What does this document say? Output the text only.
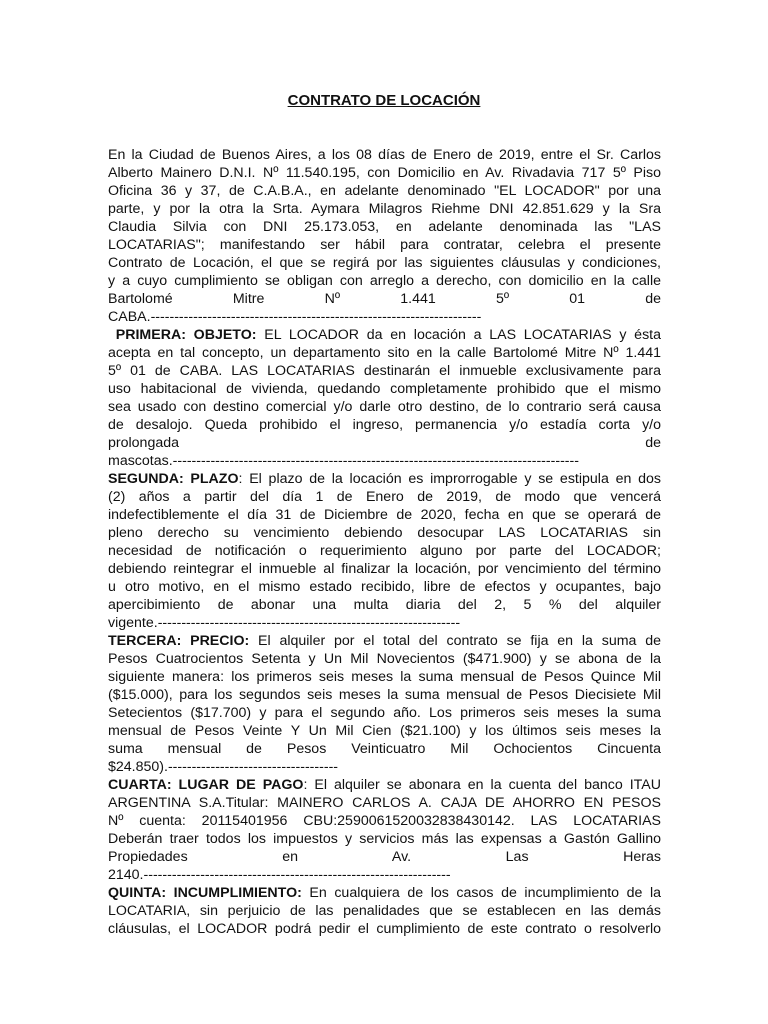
CONTRATO DE LOCACIÓN
En la Ciudad de Buenos Aires, a los 08 días de Enero de 2019, entre el Sr. Carlos
Alberto Mainero D.N.I. Nº 11.540.195, con Domicilio en Av. Rivadavia 717 5º Piso
Oficina 36 y 37, de C.A.B.A., en adelante denominado "EL LOCADOR" por una
parte, y por la otra la Srta. Aymara Milagros Riehme DNI 42.851.629 y la Sra
Claudia Silvia con DNI 25.173.053, en adelante denominada las "LAS
LOCATARIAS"; manifestando ser hábil para contratar, celebra el presente
Contrato de Locación, el que se regirá por las siguientes cláusulas y condiciones,
y a cuyo cumplimiento se obligan con arreglo a derecho, con domicilio en la calle
Bartolomé Mitre Nº 1.441 5º 01 de
CABA.----------------------------------------------------------------------
PRIMERA: OBJETO: EL LOCADOR da en locación a LAS LOCATARIAS y ésta
acepta en tal concepto, un departamento sito en la calle Bartolomé Mitre Nº 1.441
5º 01 de CABA. LAS LOCATARIAS destinarán el inmueble exclusivamente para
uso habitacional de vivienda, quedando completamente prohibido que el mismo
sea usado con destino comercial y/o darle otro destino, de lo contrario será causa
de desalojo. Queda prohibido el ingreso, permanencia y/o estadía corta y/o
prolongada de
mascotas.--------------------------------------------------------------------------------------
SEGUNDA: PLAZO: El plazo de la locación es improrrogable y se estipula en dos
(2) años a partir del día 1 de Enero de 2019, de modo que vencerá
indefectiblemente el día 31 de Diciembre de 2020, fecha en que se operará de
pleno derecho su vencimiento debiendo desocupar LAS LOCATARIAS sin
necesidad de notificación o requerimiento alguno por parte del LOCADOR;
debiendo reintegrar el inmueble al finalizar la locación, por vencimiento del término
u otro motivo, en el mismo estado recibido, libre de efectos y ocupantes, bajo
apercibimiento de abonar una multa diaria del 2, 5 % del alquiler
vigente.----------------------------------------------------------------
TERCERA: PRECIO: El alquiler por el total del contrato se fija en la suma de
Pesos Cuatrocientos Setenta y Un Mil Novecientos ($471.900) y se abona de la
siguiente manera: los primeros seis meses la suma mensual de Pesos Quince Mil
($15.000), para los segundos seis meses la suma mensual de Pesos Diecisiete Mil
Setecientos ($17.700) y para el segundo año. Los primeros seis meses la suma
mensual de Pesos Veinte Y Un Mil Cien ($21.100) y los últimos seis meses la
suma mensual de Pesos Veinticuatro Mil Ochocientos Cincuenta
$24.850).------------------------------------
CUARTA: LUGAR DE PAGO: El alquiler se abonara en la cuenta del banco ITAU
ARGENTINA S.A.Titular: MAINERO CARLOS A. CAJA DE AHORRO EN PESOS
Nº cuenta: 20115401956 CBU:2590061520032838430142. LAS LOCATARIAS
Deberán traer todos los impuestos y servicios más las expensas a Gastón Gallino
Propiedades en Av. Las Heras
2140.-----------------------------------------------------------------
QUINTA: INCUMPLIMIENTO: En cualquiera de los casos de incumplimiento de la
LOCATARIA, sin perjuicio de las penalidades que se establecen en las demás
cláusulas, el LOCADOR podrá pedir el cumplimiento de este contrato o resolverlo
